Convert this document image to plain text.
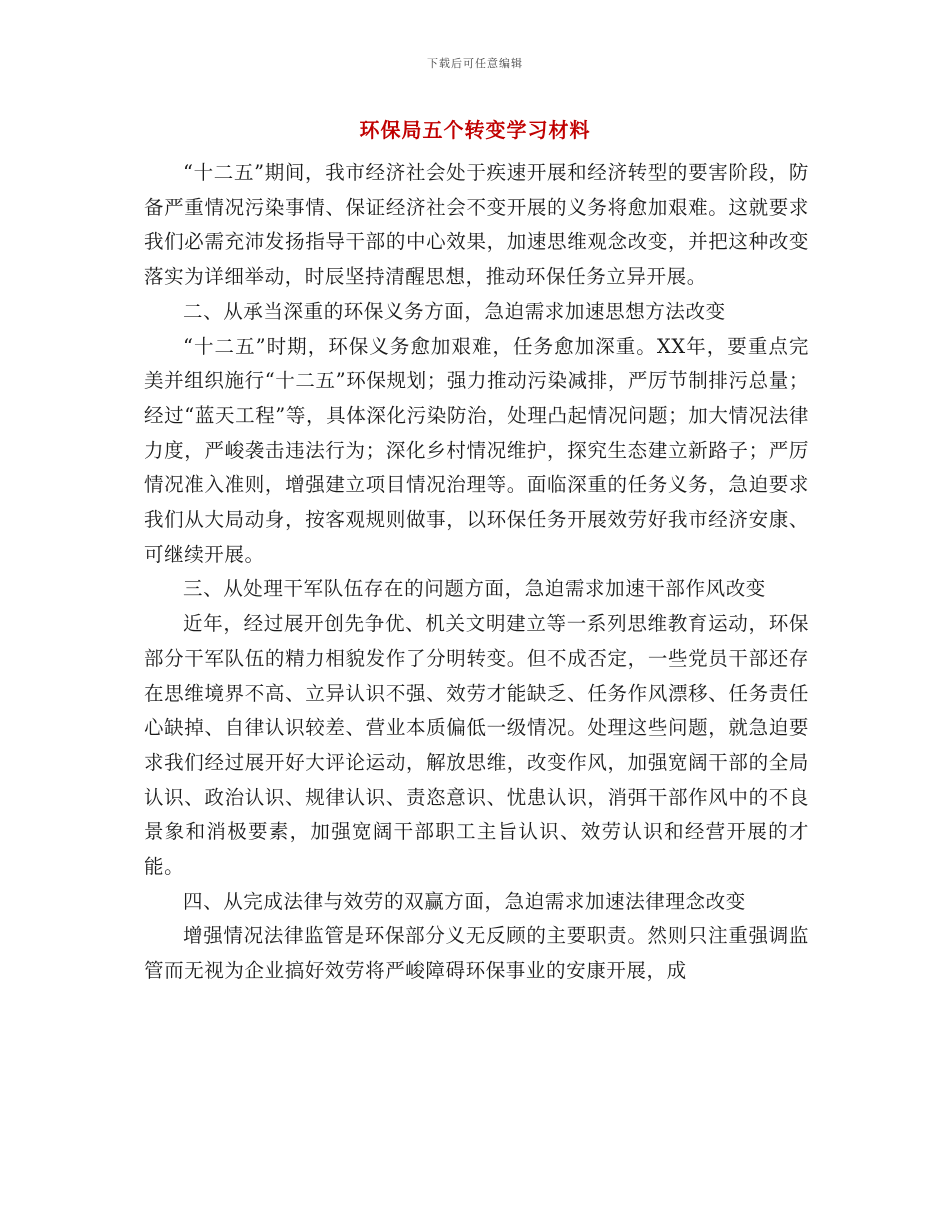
下载后可任意编辑
环保局五个转变学习材料

“十二五”期间，我市经济社会处于疾速开展和经济转型的要害阶段，防备严重情况污染事情、保证经济社会不变开展的义务将愈加艰难。这就要求我们必需充沛发扬指导干部的中心效果，加速思维观念改变，并把这种改变落实为详细举动，时辰坚持清醒思想，推动环保任务立异开展。

二、从承当深重的环保义务方面，急迫需求加速思想方法改变

“十二五”时期，环保义务愈加艰难，任务愈加深重。XX年，要重点完美并组织施行“十二五”环保规划；强力推动污染减排，严厉节制排污总量；经过“蓝天工程”等，具体深化污染防治，处理凸起情况问题；加大情况法律力度，严峻袭击违法行为；深化乡村情况维护，探究生态建立新路子；严厉情况准入准则，增强建立项目情况治理等。面临深重的任务义务，急迫要求我们从大局动身，按客观规则做事，以环保任务开展效劳好我市经济安康、可继续开展。

三、从处理干军队伍存在的问题方面，急迫需求加速干部作风改变

近年，经过展开创先争优、机关文明建立等一系列思维教育运动，环保部分干军队伍的精力相貌发作了分明转变。但不成否定，一些党员干部还存在思维境界不高、立异认识不强、效劳才能缺乏、任务作风漂移、任务责任心缺掉、自律认识较差、营业本质偏低一级情况。处理这些问题，就急迫要求我们经过展开好大评论运动，解放思维，改变作风，加强宽阔干部的全局认识、政治认识、规律认识、责恣意识、忧患认识，消弭干部作风中的不良景象和消极要素，加强宽阔干部职工主旨认识、效劳认识和经营开展的才能。

四、从完成法律与效劳的双赢方面，急迫需求加速法律理念改变

增强情况法律监管是环保部分义无反顾的主要职责。然则只注重强调监管而无视为企业搞好效劳将严峻障碍环保事业的安康开展，成
